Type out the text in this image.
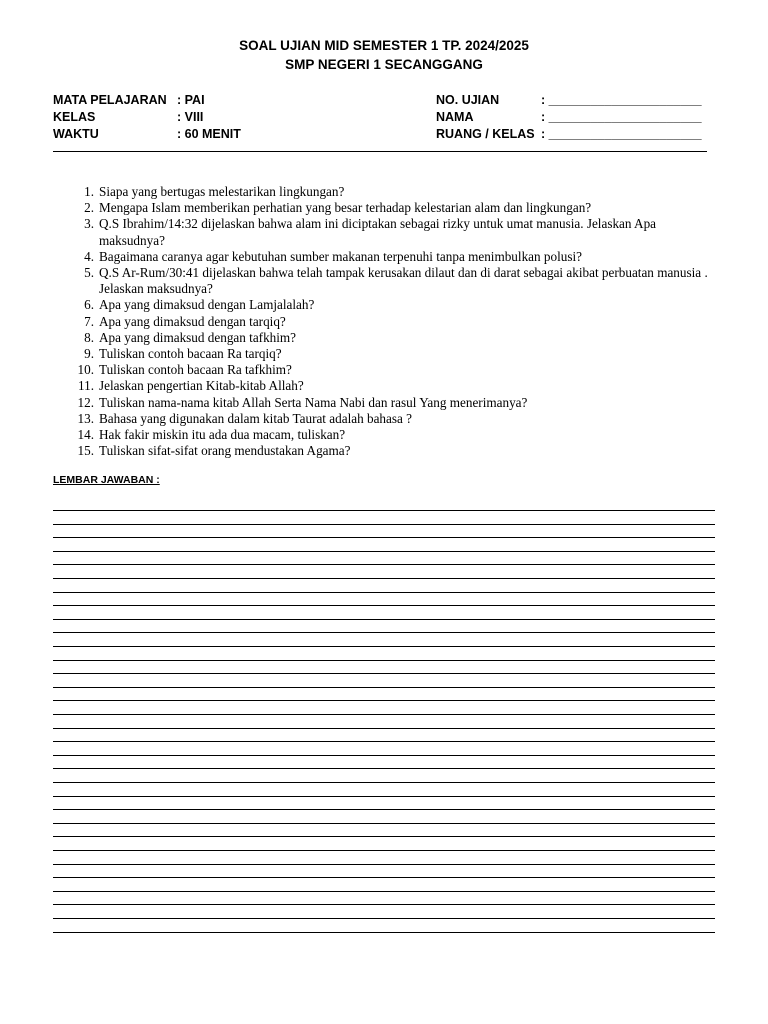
SOAL UJIAN MID SEMESTER 1 TP. 2024/2025
SMP NEGERI 1 SECANGGANG
MATA PELAJARAN : PAI
KELAS	: VIII
WAKTU	: 60 MENIT
NO. UJIAN	: ______________________
NAMA	: ______________________
RUANG / KELAS : ______________________
1. Siapa yang bertugas melestarikan lingkungan?
2. Mengapa Islam memberikan perhatian yang besar terhadap kelestarian alam dan lingkungan?
3. Q.S Ibrahim/14:32 dijelaskan bahwa alam ini diciptakan sebagai rizky untuk umat manusia. Jelaskan Apa maksudnya?
4. Bagaimana caranya agar kebutuhan sumber makanan terpenuhi tanpa menimbulkan polusi?
5. Q.S Ar-Rum/30:41 dijelaskan bahwa telah tampak kerusakan dilaut dan di darat sebagai akibat perbuatan manusia . Jelaskan maksudnya?
6. Apa yang dimaksud dengan Lamjalalah?
7. Apa yang dimaksud dengan tarqiq?
8. Apa yang dimaksud dengan tafkhim?
9. Tuliskan contoh bacaan Ra tarqiq?
10. Tuliskan contoh bacaan Ra tafkhim?
11. Jelaskan pengertian Kitab-kitab Allah?
12. Tuliskan nama-nama kitab Allah Serta Nama Nabi dan rasul Yang menerimanya?
13. Bahasa yang digunakan dalam kitab Taurat adalah bahasa ?
14. Hak fakir miskin itu ada dua macam, tuliskan?
15. Tuliskan sifat-sifat orang mendustakan Agama?
LEMBAR JAWABAN :
